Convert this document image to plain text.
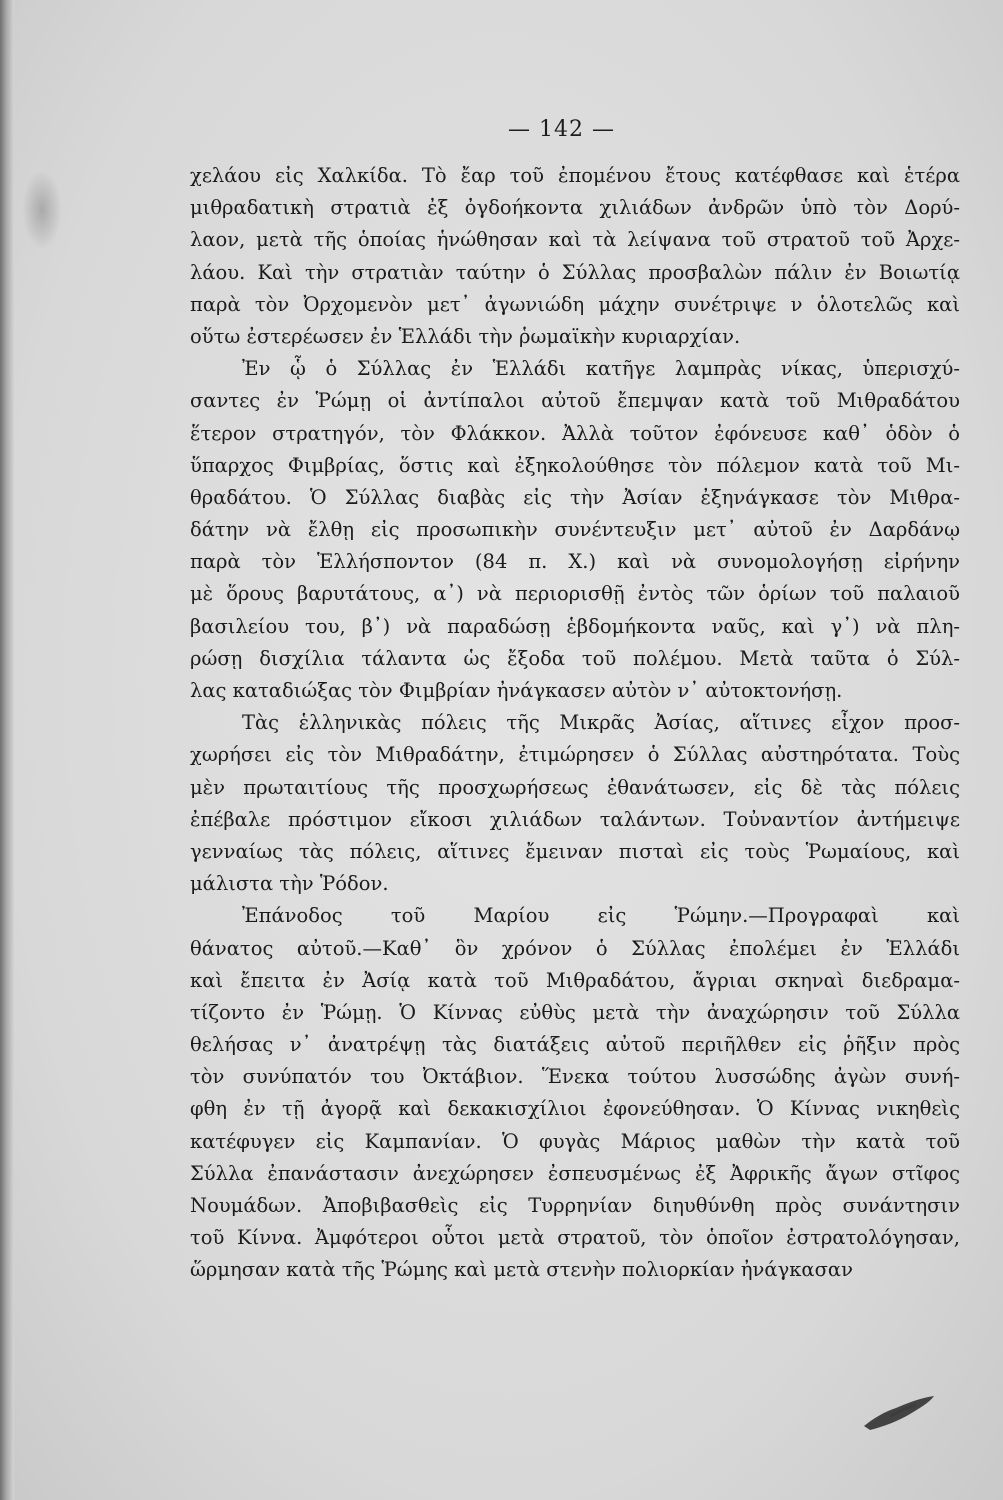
— 142 —
χελάου εἰς Χαλκίδα. Τὸ ἔαρ τοῦ ἐπομένου ἔτους κατέφθασε καὶ ἑτέρα
μιθραδατικὴ στρατιὰ ἐξ ὀγδοήκοντα χιλιάδων ἀνδρῶν ὑπὸ τὸν Δορύ-
λαον, μετὰ τῆς ὁποίας ἡνώθησαν καὶ τὰ λείψανα τοῦ στρατοῦ τοῦ Ἀρχε-
λάου. Καὶ τὴν στρατιὰν ταύτην ὁ Σύλλας προσβαλὼν πάλιν ἐν Βοιωτίᾳ
παρὰ τὸν Ὀρχομενὸν μετ᾽ ἀγωνιώδη μάχην συνέτριψε ν ὁλοτελῶς καὶ
οὕτω ἐστερέωσεν ἐν Ἑλλάδι τὴν ῥωμαϊκὴν κυριαρχίαν.
Ἐν ᾧ ὁ Σύλλας ἐν Ἑλλάδι κατῆγε λαμπρὰς νίκας, ὑπερισχύ-
σαντες ἐν Ῥώμῃ οἱ ἀντίπαλοι αὐτοῦ ἔπεμψαν κατὰ τοῦ Μιθραδάτου
ἕτερον στρατηγόν, τὸν Φλάκκον. Ἀλλὰ τοῦτον ἐφόνευσε καθ᾽ ὁδὸν ὁ
ὕπαρχος Φιμβρίας, ὅστις καὶ ἐξηκολούθησε τὸν πόλεμον κατὰ τοῦ Μι-
θραδάτου. Ὁ Σύλλας διαβὰς εἰς τὴν Ἀσίαν ἐξηνάγκασε τὸν Μιθρα-
δάτην νὰ ἔλθῃ εἰς προσωπικὴν συνέντευξιν μετ᾽ αὐτοῦ ἐν Δαρδάνῳ
παρὰ τὸν Ἑλλήσποντον (84 π. Χ.) καὶ νὰ συνομολογήσῃ εἰρήνην
μὲ ὅρους βαρυτάτους, α᾽) νὰ περιορισθῇ ἐντὸς τῶν ὁρίων τοῦ παλαιοῦ
βασιλείου του, β᾽) νὰ παραδώσῃ ἑβδομήκοντα ναῦς, καὶ γ᾽) νὰ πλη-
ρώσῃ δισχίλια τάλαντα ὡς ἔξοδα τοῦ πολέμου. Μετὰ ταῦτα ὁ Σύλ-
λας καταδιώξας τὸν Φιμβρίαν ἠνάγκασεν αὐτὸν ν᾽ αὐτοκτονήσῃ.
Τὰς ἑλληνικὰς πόλεις τῆς Μικρᾶς Ἀσίας, αἵτινες εἶχον προσ-
χωρήσει εἰς τὸν Μιθραδάτην, ἐτιμώρησεν ὁ Σύλλας αὐστηρότατα. Τοὺς
μὲν πρωταιτίους τῆς προσχωρήσεως ἐθανάτωσεν, εἰς δὲ τὰς πόλεις
ἐπέβαλε πρόστιμον εἴκοσι χιλιάδων ταλάντων. Τοὐναντίον ἀντήμειψε
γενναίως τὰς πόλεις, αἵτινες ἔμειναν πισταὶ εἰς τοὺς Ῥωμαίους, καὶ
μάλιστα τὴν Ῥόδον.
Ἐπάνοδος τοῦ Μαρίου εἰς Ῥώμην.—Προγραφαὶ καὶ
θάνατος αὐτοῦ.—Καθ᾽ ὃν χρόνον ὁ Σύλλας ἐπολέμει ἐν Ἑλλάδι
καὶ ἔπειτα ἐν Ἀσίᾳ κατὰ τοῦ Μιθραδάτου, ἄγριαι σκηναὶ διεδραμα-
τίζοντο ἐν Ῥώμῃ. Ὁ Κίννας εὐθὺς μετὰ τὴν ἀναχώρησιν τοῦ Σύλλα
θελήσας ν᾽ ἀνατρέψῃ τὰς διατάξεις αὐτοῦ περιῆλθεν εἰς ῥῆξιν πρὸς
τὸν συνύπατόν του Ὀκτάβιον. Ἕνεκα τούτου λυσσώδης ἀγὼν συνή-
φθη ἐν τῇ ἀγορᾷ καὶ δεκακισχίλιοι ἐφονεύθησαν. Ὁ Κίννας νικηθεὶς
κατέφυγεν εἰς Καμπανίαν. Ὁ φυγὰς Μάριος μαθὼν τὴν κατὰ τοῦ
Σύλλα ἐπανάστασιν ἀνεχώρησεν ἐσπευσμένως ἐξ Ἀφρικῆς ἄγων στῖφος
Νουμάδων. Ἀποβιβασθεὶς εἰς Τυρρηνίαν διηυθύνθη πρὸς συνάντησιν
τοῦ Κίννα. Ἀμφότεροι οὗτοι μετὰ στρατοῦ, τὸν ὁποῖον ἐστρατολόγησαν,
ὥρμησαν κατὰ τῆς Ῥώμης καὶ μετὰ στενὴν πολιορκίαν ἠνάγκασαν
